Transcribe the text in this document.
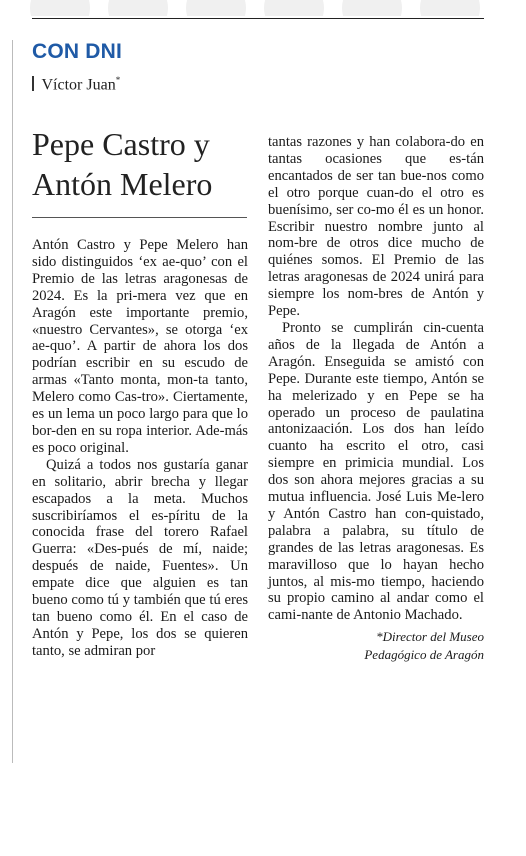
CON DNI
Víctor Juan*
Pepe Castro y
Antón Melero

Antón Castro y Pepe Melero han sido distinguidos ‘ex ae-quo’ con el Premio de las letras aragonesas de 2024. Es la pri-mera vez que en Aragón este importante premio, «nuestro Cervantes», se otorga ‘ex ae-quo’. A partir de ahora los dos podrían escribir en su escudo de armas «Tanto monta, mon-ta tanto, Melero como Cas-tro». Ciertamente, es un lema un poco largo para que lo bor-den en su ropa interior. Ade-más es poco original.

Quizá a todos nos gustaría ganar en solitario, abrir brecha y llegar escapados a la meta. Muchos suscribiríamos el es-píritu de la conocida frase del torero Rafael Guerra: «Des-pués de mí, naide; después de naide, Fuentes». Un empate dice que alguien es tan bueno como tú y también que tú eres tan bueno como él. En el caso de Antón y Pepe, los dos se quieren tanto, se admiran por

tantas razones y han colabora-do en tantas ocasiones que es-tán encantados de ser tan bue-nos como el otro porque cuan-do el otro es buenísimo, ser co-mo él es un honor. Escribir nuestro nombre junto al nom-bre de otros dice mucho de quiénes somos. El Premio de las letras aragonesas de 2024 unirá para siempre los nom-bres de Antón y Pepe.

Pronto se cumplirán cin-cuenta años de la llegada de Antón a Aragón. Enseguida se amistó con Pepe. Durante este tiempo, Antón se ha melerizado y en Pepe se ha operado un proceso de paulatina antonizaación. Los dos han leído cuanto ha escrito el otro, casi siempre en primicia mundial. Los dos son ahora mejores gracias a su mutua influencia. José Luis Me-lero y Antón Castro han con-quistado, palabra a palabra, su título de grandes de las letras aragonesas. Es maravilloso que lo hayan hecho juntos, al mis-mo tiempo, haciendo su propio camino al andar como el cami-nante de Antonio Machado.

*Director del Museo
Pedagógico de Aragón
